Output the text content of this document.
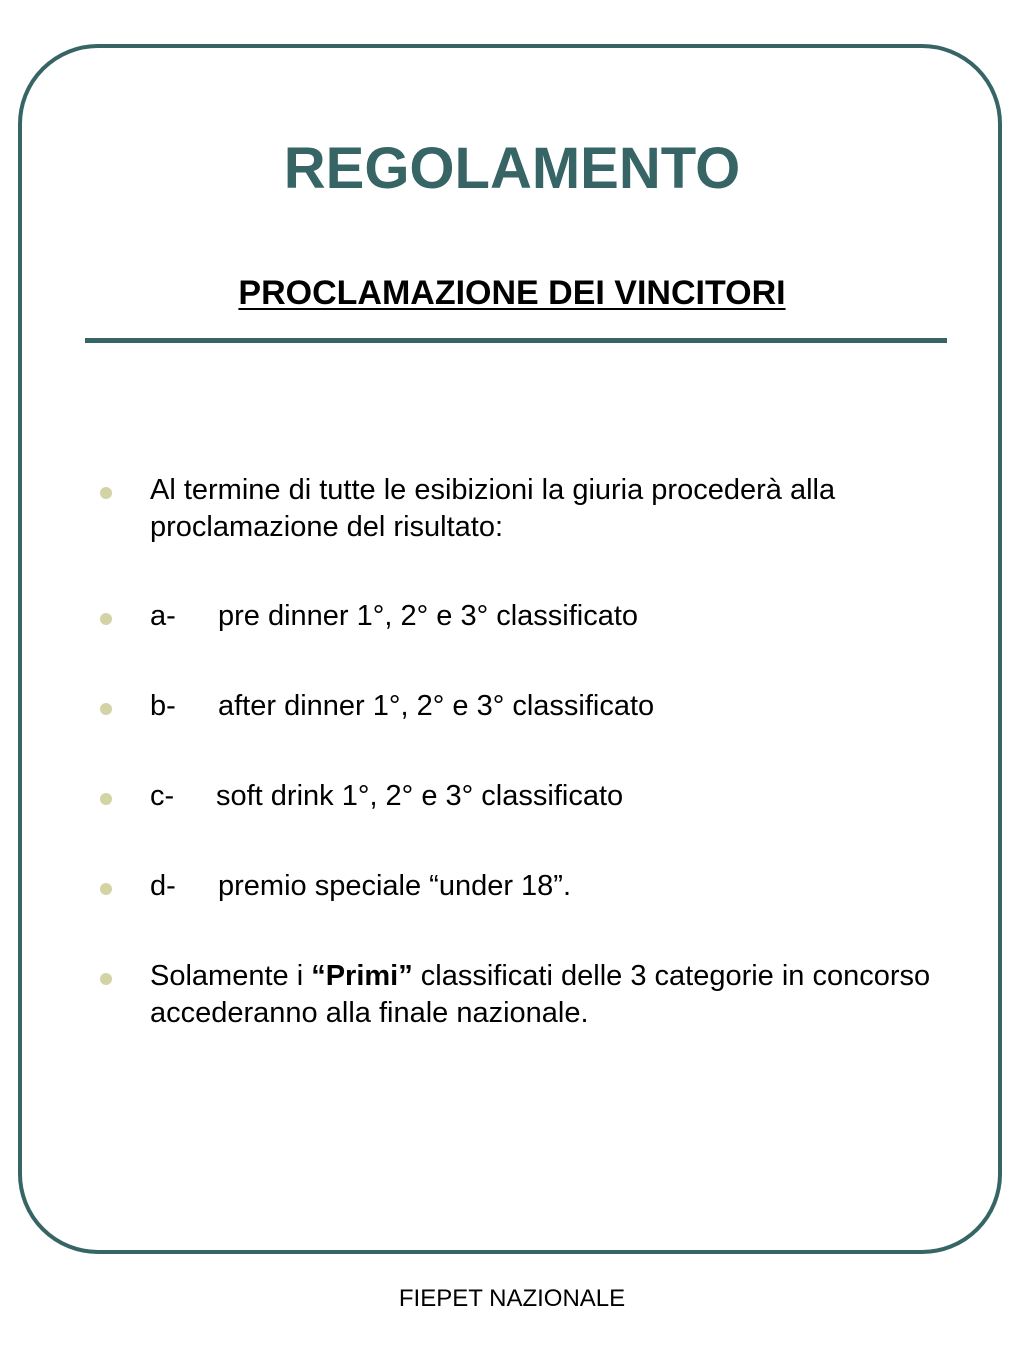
REGOLAMENTO
PROCLAMAZIONE DEI VINCITORI
Al termine di tutte le esibizioni la giuria procederà alla proclamazione del risultato:
a- pre dinner 1°, 2° e 3° classificato
b- after dinner 1°, 2° e 3° classificato
c- soft drink 1°, 2° e 3° classificato
d- premio speciale “under 18”.
Solamente i “Primi” classificati delle 3 categorie in concorso accederanno alla finale nazionale.
FIEPET NAZIONALE
